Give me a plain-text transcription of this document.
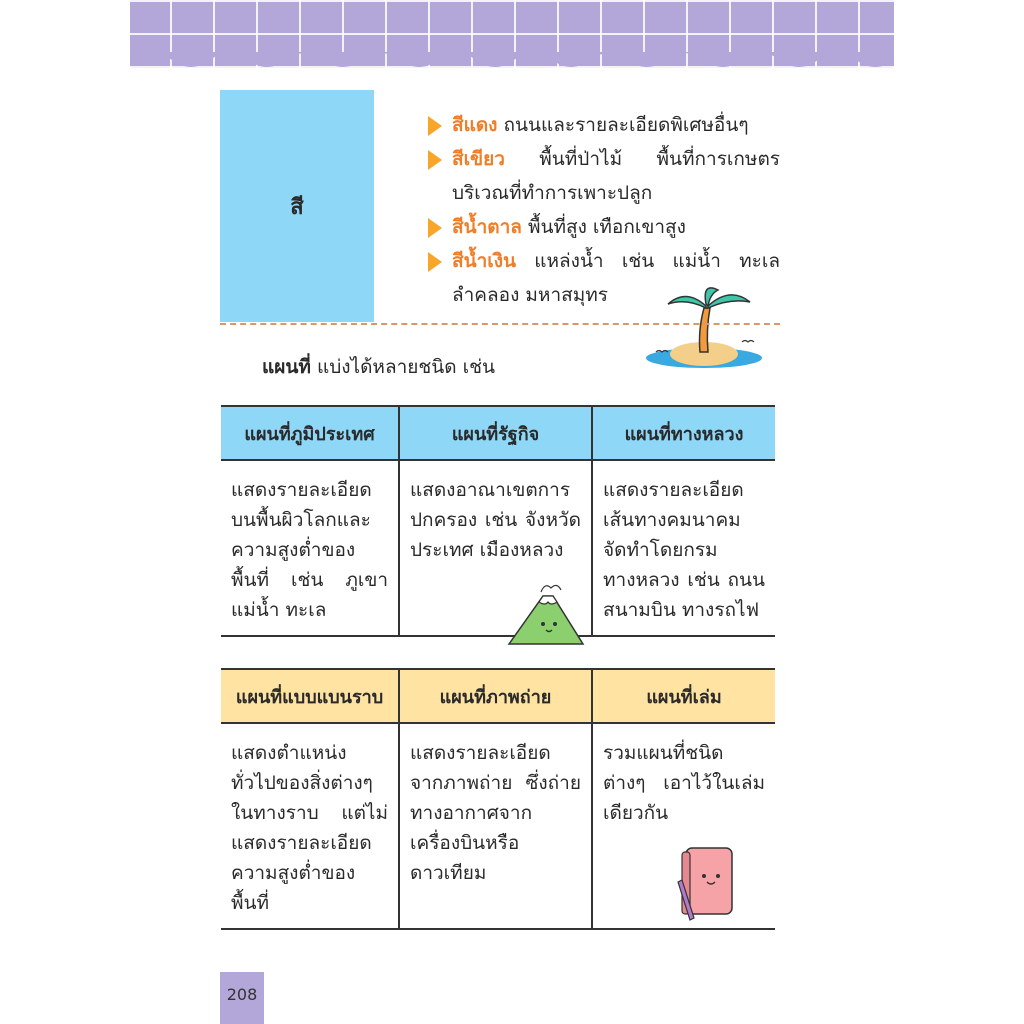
สี
สีแดง ถนนและรายละเอียดพิเศษอื่นๆ
สีเขียว พื้นที่ป่าไม้ พื้นที่การเกษตร บริเวณที่ทำการเพาะปลูก
สีน้ำตาล พื้นที่สูง เทือกเขาสูง
สีน้ำเงิน แหล่งน้ำ เช่น แม่น้ำ ทะเล ลำคลอง มหาสมุทร
แผนที่ แบ่งได้หลายชนิด เช่น
แผนที่ภูมิประเทศ	แผนที่รัฐกิจ	แผนที่ทางหลวง
แสดงรายละเอียดบนพื้นผิวโลกและความสูงต่ำของพื้นที่ เช่น ภูเขา แม่น้ำ ทะเล	แสดงอาณาเขตการปกครอง เช่น จังหวัด ประเทศ เมืองหลวง	แสดงรายละเอียดเส้นทางคมนาคม จัดทำโดยกรมทางหลวง เช่น ถนน สนามบิน ทางรถไฟ
แผนที่แบบแบนราบ	แผนที่ภาพถ่าย	แผนที่เล่ม
แสดงตำแหน่งทั่วไปของสิ่งต่างๆ ในทางราบ แต่ไม่แสดงรายละเอียดความสูงต่ำของพื้นที่	แสดงรายละเอียดจากภาพถ่าย ซึ่งถ่ายทางอากาศจากเครื่องบินหรือดาวเทียม	รวมแผนที่ชนิดต่างๆ เอาไว้ในเล่มเดียวกัน
208
